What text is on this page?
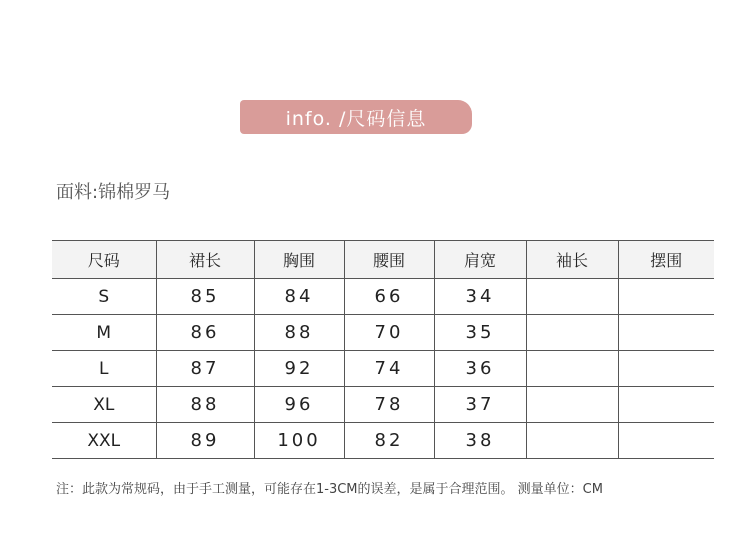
info. /尺码信息
面料:锦棉罗马
尺码	裙长	胸围	腰围	肩宽	袖长	摆围
S	85	84	66	34		
M	86	88	70	35		
L	87	92	74	36		
XL	88	96	78	37		
XXL	89	100	82	38		
注：此款为常规码，由于手工测量，可能存在1-3CM的误差，是属于合理范围。 测量单位：CM
